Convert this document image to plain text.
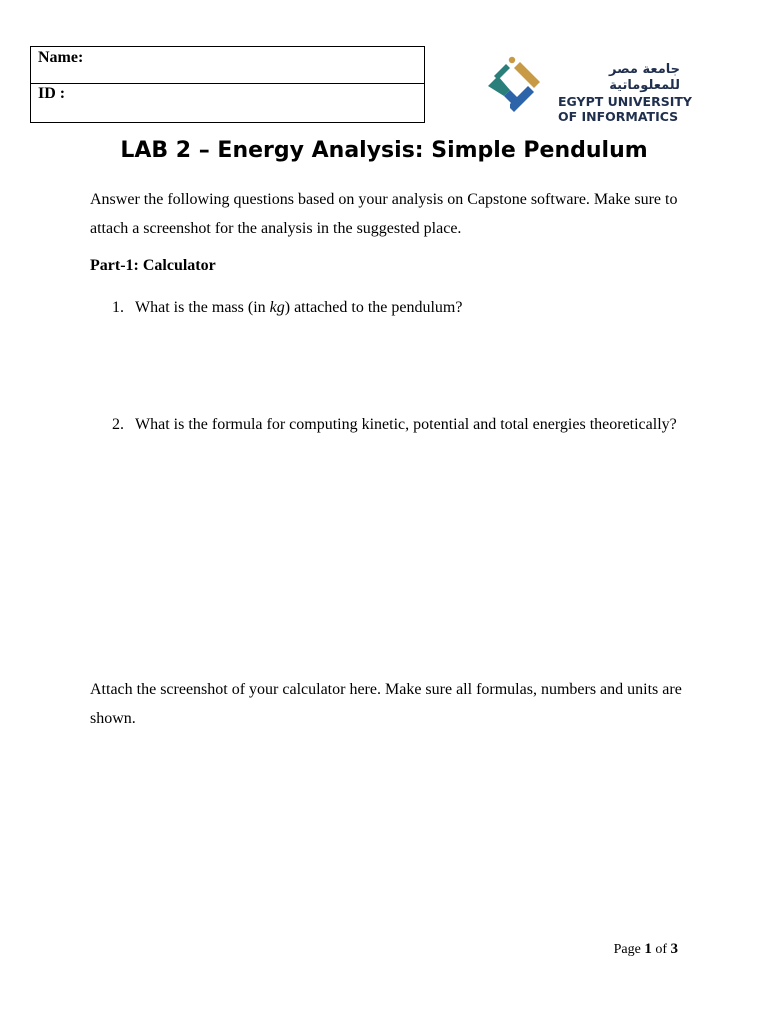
Name:
ID :
جامعة مصر للمعلوماتية
EGYPT UNIVERSITY
OF INFORMATICS
LAB 2 – Energy Analysis: Simple Pendulum
Answer the following questions based on your analysis on Capstone software. Make sure to attach a screenshot for the analysis in the suggested place.
Part-1: Calculator
1. What is the mass (in kg) attached to the pendulum?
2. What is the formula for computing kinetic, potential and total energies theoretically?
Attach the screenshot of your calculator here. Make sure all formulas, numbers and units are shown.
Page 1 of 3
